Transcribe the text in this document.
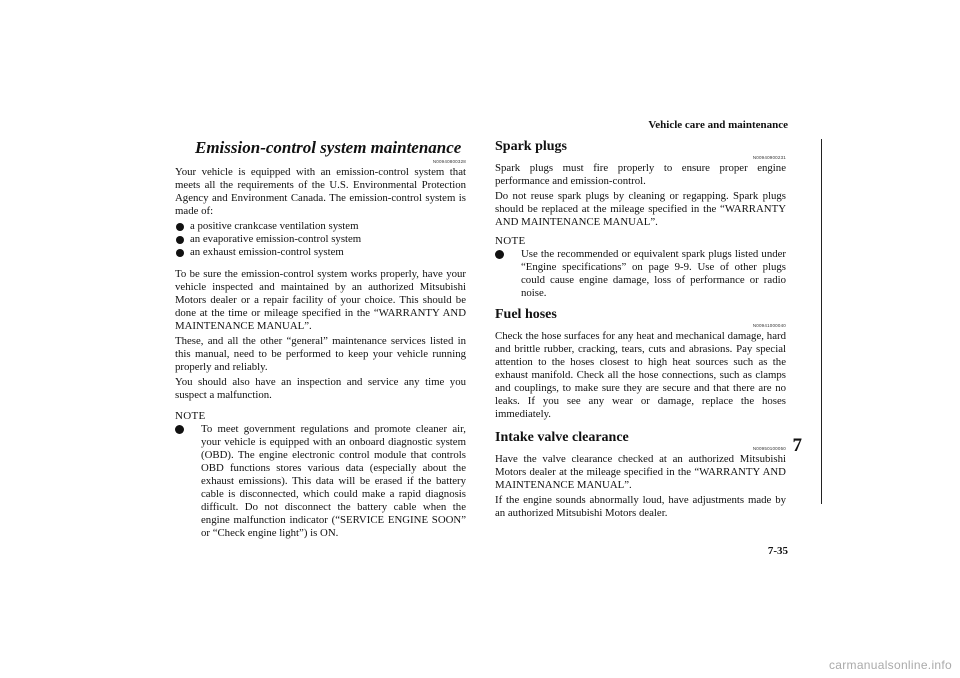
Vehicle care and maintenance
7
7-35
Emission-control system maintenance
N00940800328

Your vehicle is equipped with an emission-control system that meets all the requirements of the U.S. Environmental Protection Agency and Environment Canada. The emission-control system is made of:

a positive crankcase ventilation system
an evaporative emission-control system
an exhaust emission-control system

To be sure the emission-control system works properly, have your vehicle inspected and maintained by an authorized Mitsubishi Motors dealer or a repair facility of your choice. This should be done at the time or mileage specified in the “WARRANTY AND MAINTENANCE MANUAL”.

These, and all the other “general” maintenance services listed in this manual, need to be performed to keep your vehicle running properly and reliably.

You should also have an inspection and service any time you suspect a malfunction.

NOTE
To meet government regulations and promote cleaner air, your vehicle is equipped with an onboard diagnostic system (OBD). The engine electronic control module that controls OBD functions stores various data (especially about the exhaust emissions). This data will be erased if the battery cable is disconnected, which could make a rapid diagnosis difficult. Do not disconnect the battery cable when the engine malfunction indicator (“SERVICE ENGINE SOON” or “Check engine light”) is ON.
Spark plugs
N00940900231

Spark plugs must fire properly to ensure proper engine performance and emission-control.

Do not reuse spark plugs by cleaning or regapping. Spark plugs should be replaced at the mileage specified in the “WARRANTY AND MAINTENANCE MANUAL”.

NOTE
Use the recommended or equivalent spark plugs listed under “Engine specifications” on page 9-9. Use of other plugs could cause engine damage, loss of performance or radio noise.
Fuel hoses
N00941000040

Check the hose surfaces for any heat and mechanical damage, hard and brittle rubber, cracking, tears, cuts and abrasions. Pay special attention to the hoses closest to high heat sources such as the exhaust manifold. Check all the hose connections, such as clamps and couplings, to make sure they are secure and that there are no leaks. If you see any wear or damage, replace the hoses immediately.

Intake valve clearance
N00950100050

Have the valve clearance checked at an authorized Mitsubishi Motors dealer at the mileage specified in the “WARRANTY AND MAINTENANCE MANUAL”.

If the engine sounds abnormally loud, have adjustments made by an authorized Mitsubishi Motors dealer.

carmanualsonline.info
